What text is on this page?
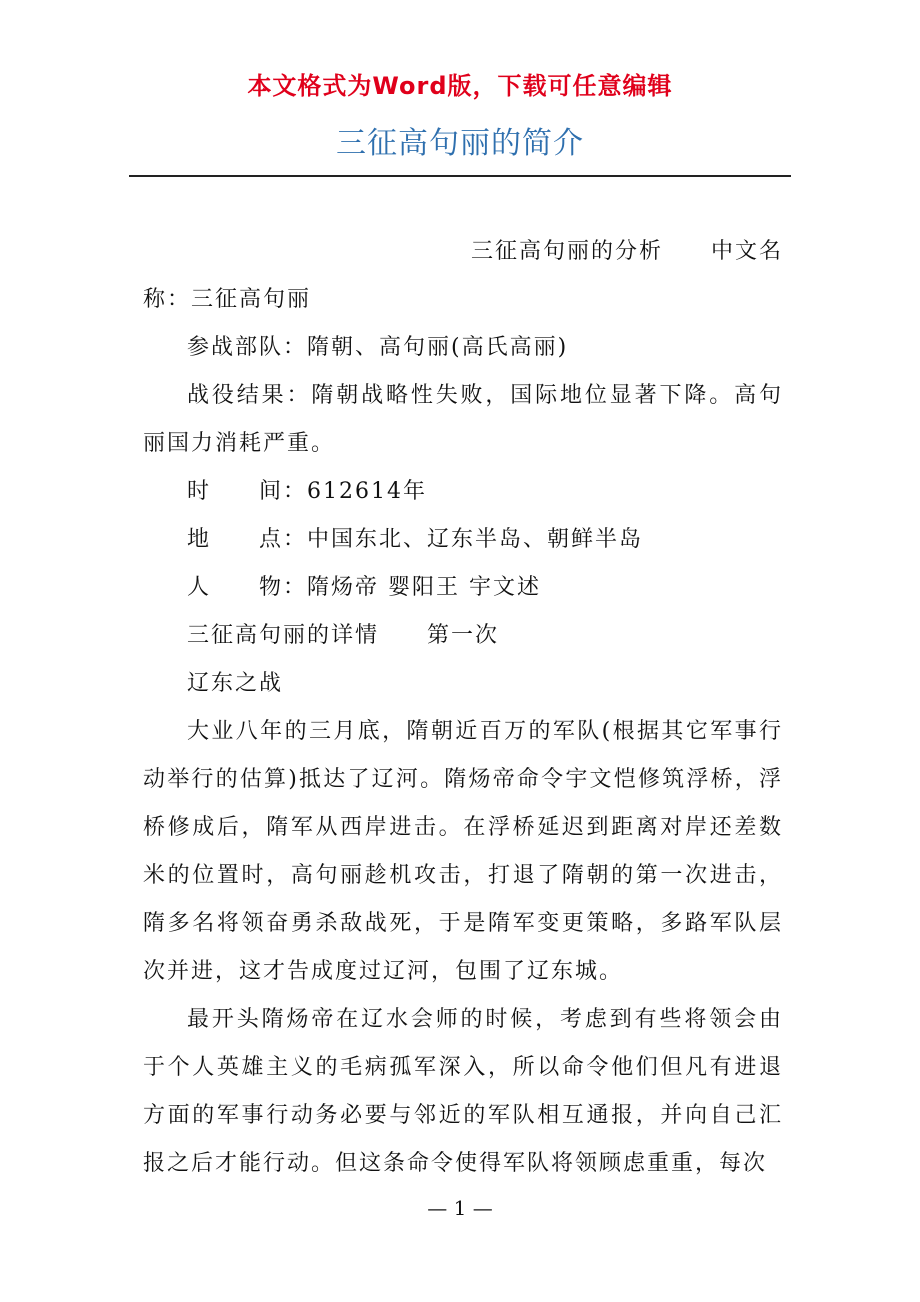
本文格式为Word版，下载可任意编辑
三征高句丽的简介

三征高句丽的分析 中文名

称：三征高句丽

参战部队：隋朝、高句丽(高氏高丽)

战役结果：隋朝战略性失败，国际地位显著下降。高句丽国力消耗严重。

时 间：612614年

地 点：中国东北、辽东半岛、朝鲜半岛

人 物：隋炀帝 婴阳王 宇文述

三征高句丽的详情 第一次

辽东之战

大业八年的三月底，隋朝近百万的军队(根据其它军事行动举行的估算)抵达了辽河。隋炀帝命令宇文恺修筑浮桥，浮桥修成后，隋军从西岸进击。在浮桥延迟到距离对岸还差数米的位置时，高句丽趁机攻击，打退了隋朝的第一次进击，隋多名将领奋勇杀敌战死，于是隋军变更策略，多路军队层次并进，这才告成度过辽河，包围了辽东城。

最开头隋炀帝在辽水会师的时候，考虑到有些将领会由于个人英雄主义的毛病孤军深入，所以命令他们但凡有进退方面的军事行动务必要与邻近的军队相互通报，并向自己汇报之后才能行动。但这条命令使得军队将领顾虑重重，每次

— 1 —
